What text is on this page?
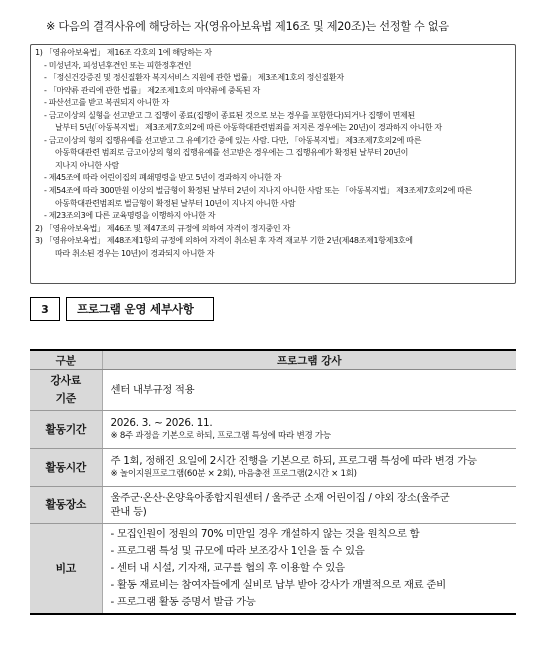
※ 다음의 결격사유에 해당하는 자(영유아보육법 제16조 및 제20조)는 선정할 수 없음
1) 「영유아보육법」 제16조 각호의 1에 해당하는 자
- 미성년자, 피성년후견인 또는 피한정후견인
- 「정신건강증진 및 정신질환자 복지서비스 지원에 관한 법률」 제3조제1호의 정신질환자
- 「마약류 관리에 관한 법률」 제2조제1호의 마약류에 중독된 자
- 파산선고를 받고 복권되지 아니한 자
- 금고이상의 실형을 선고받고 그 집행이 종료(집행이 종료된 것으로 보는 경우를 포함한다)되거나 집행이 면제된
날부터 5년(「아동복지법」 제3조제7호의2에 따른 아동학대관련범죄를 저지른 경우에는 20년)이 경과하지 아니한 자
- 금고이상의 형의 집행유예를 선고받고 그 유예기간 중에 있는 사람. 다만, 「아동복지법」 제3조제7호의2에 따른
아동학대관련 범죄로 금고이상의 형의 집행유예를 선고받은 경우에는 그 집행유예가 확정된 날부터 20년이
지나지 아니한 사람
- 제45조에 따라 어린이집의 폐쇄명령을 받고 5년이 경과하지 아니한 자
- 제54조에 따라 300만원 이상의 벌금형이 확정된 날부터 2년이 지나지 아니한 사람 또는 「아동복지법」 제3조제7호의2에 따른
아동학대관련범죄로 벌금형이 확정된 날부터 10년이 지나지 아니한 사람
- 제23조의3에 다른 교육명령을 이행하지 아니한 자
2) 「영유아보육법」 제46조 및 제47조의 규정에 의하여 자격이 정지중인 자
3) 「영유아보육법」 제48조제1항의 규정에 의하여 자격이 취소된 후 자격 재교부 기한 2년(제48조제1항제3호에
따라 취소된 경우는 10년)이 경과되지 아니한 자
3	프로그램 운영 세부사항
구분	프로그램 강사

강사료
기준	센터 내부규정 적용

활동기간	2026. 3. ~ 2026. 11.
※ 8주 과정을 기본으로 하되, 프로그램 특성에 따라 변경 가능

활동시간	주 1회, 정해진 요일에 2시간 진행을 기본으로 하되, 프로그램 특성에 따라 변경 가능
※ 놀이지원프로그램(60분 × 2회), 마음충전 프로그램(2시간 × 1회)

활동장소	울주군·온산·온양육아종합지원센터 / 울주군 소재 어린이집 / 야외 장소(울주군
관내 등)

비고	- 모집인원이 정원의 70% 미만일 경우 개설하지 않는 것을 원칙으로 함
- 프로그램 특성 및 규모에 따라 보조강사 1인을 둘 수 있음
- 센터 내 시설, 기자재, 교구를 협의 후 이용할 수 있음
- 활동 재료비는 참여자들에게 실비로 납부 받아 강사가 개별적으로 재료 준비
- 프로그램 활동 증명서 발급 가능
